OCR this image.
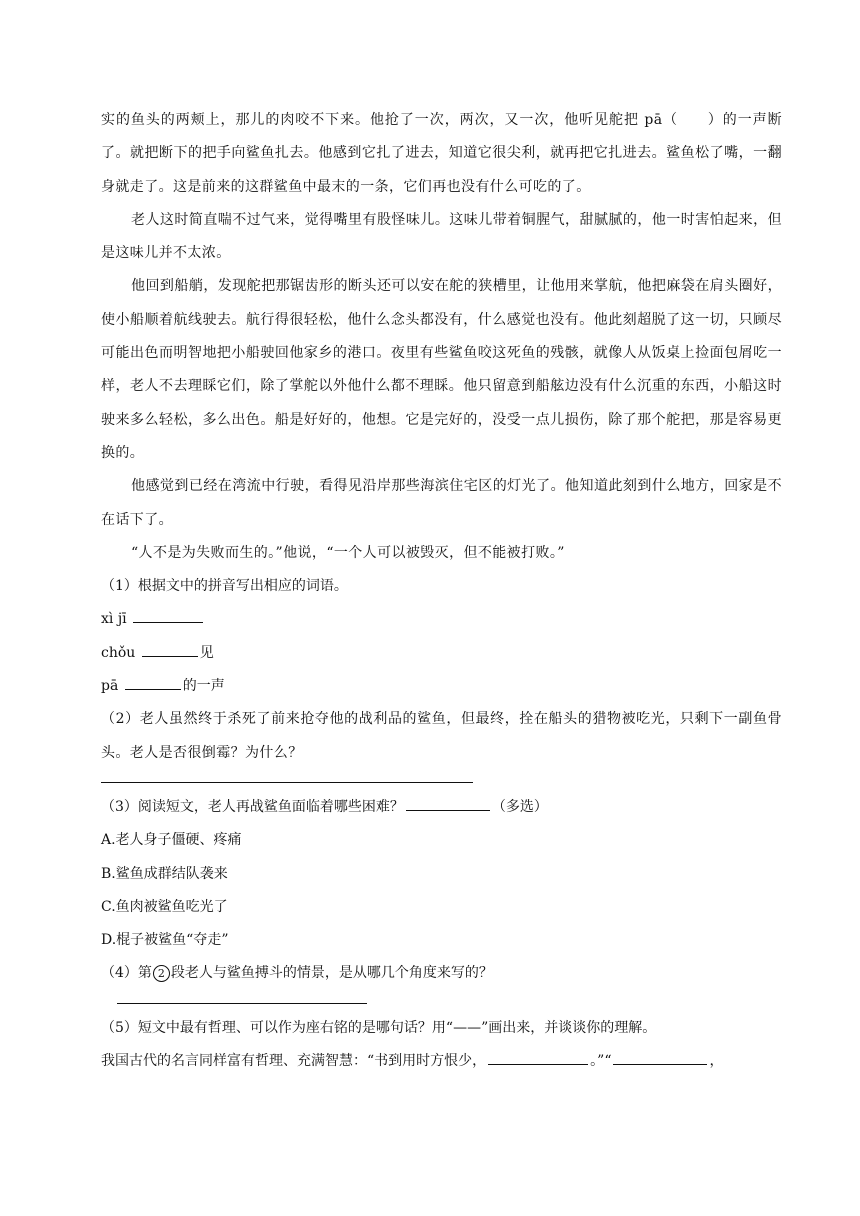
实的鱼头的两颊上，那儿的肉咬不下来。他抢了一次，两次，又一次，他听见舵把 pā（　　）的一声断了。就把断下的把手向鲨鱼扎去。他感到它扎了进去，知道它很尖利，就再把它扎进去。鲨鱼松了嘴，一翻身就走了。这是前来的这群鲨鱼中最末的一条，它们再也没有什么可吃的了。

老人这时简直喘不过气来，觉得嘴里有股怪味儿。这味儿带着铜腥气，甜腻腻的，他一时害怕起来，但是这味儿并不太浓。

他回到船艄，发现舵把那锯齿形的断头还可以安在舵的狭槽里，让他用来掌航，他把麻袋在肩头圈好，使小船顺着航线驶去。航行得很轻松，他什么念头都没有，什么感觉也没有。他此刻超脱了这一切，只顾尽可能出色而明智地把小船驶回他家乡的港口。夜里有些鲨鱼咬这死鱼的残骸，就像人从饭桌上捡面包屑吃一样，老人不去理睬它们，除了掌舵以外他什么都不理睬。他只留意到船舷边没有什么沉重的东西，小船这时驶来多么轻松，多么出色。船是好好的，他想。它是完好的，没受一点儿损伤，除了那个舵把，那是容易更换的。

他感觉到已经在湾流中行驶，看得见沿岸那些海滨住宅区的灯光了。他知道此刻到什么地方，回家是不在话下了。

“人不是为失败而生的。”他说，“一个人可以被毁灭，但不能被打败。”

（1）根据文中的拼音写出相应的词语。

xì jī

chǒu	见

pā	的一声

（2）老人虽然终于杀死了前来抢夺他的战利品的鲨鱼，但最终，拴在船头的猎物被吃光，只剩下一副鱼骨头。老人是否很倒霉？为什么？

（3）阅读短文，老人再战鲨鱼面临着哪些困难？	（多选）

A.老人身子僵硬、疼痛

B.鲨鱼成群结队袭来

C.鱼肉被鲨鱼吃光了

D.棍子被鲨鱼“夺走”

（4）第 2 段老人与鲨鱼搏斗的情景，是从哪几个角度来写的？

（5）短文中最有哲理、可以作为座右铭的是哪句话？用“——”画出来，并谈谈你的理解。

我国古代的名言同样富有哲理、充满智慧：“书到用时方恨少，	。”“	，
